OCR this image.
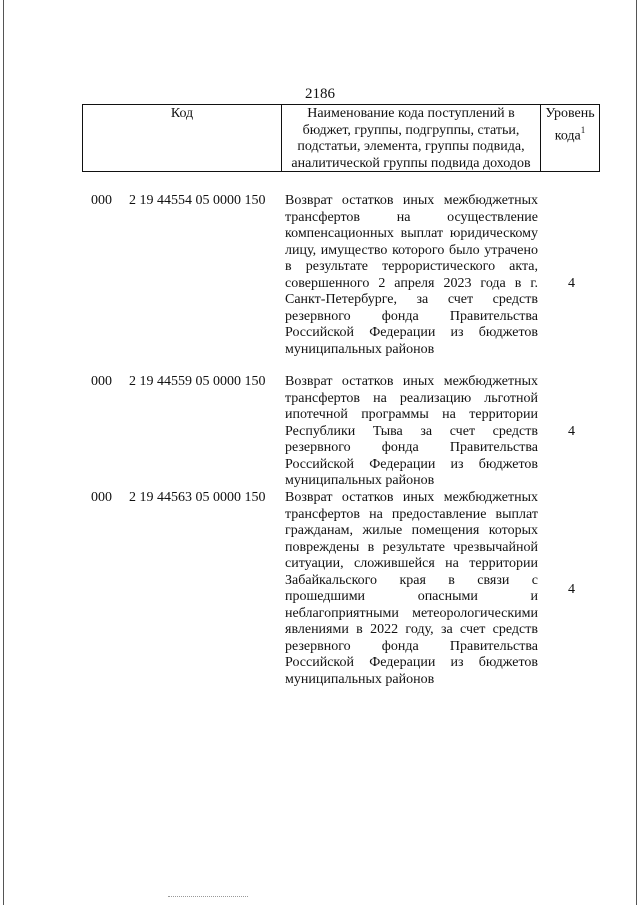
2186
Код	Наименование кода поступлений в бюджет, группы, подгруппы, статьи, подстатьи, элемента, группы подвида, аналитической группы подвида доходов
Уровень кода$^1$
000 2 19 44554 05 0000 150 Возврат остатков иных межбюджетных трансфертов на осуществление компенсационных выплат юридическому лицу, имущество которого было утрачено в результате террористического акта, совершенного 2 апреля 2023 года в г. Санкт-Петербурге, за счет средств резервного фонда Правительства Российской Федерации из бюджетов муниципальных районов
4
000 2 19 44559 05 0000 150 Возврат остатков иных межбюджетных трансфертов на реализацию льготной ипотечной программы на территории Республики Тыва за счет средств резервного фонда Правительства Российской Федерации из бюджетов муниципальных районов
4
000 2 19 44563 05 0000 150 Возврат остатков иных межбюджетных трансфертов на предоставление выплат гражданам, жилые помещения которых повреждены в результате чрезвычайной ситуации, сложившейся на территории Забайкальского края в связи с прошедшими опасными и неблагоприятными метеорологическими явлениями в 2022 году, за счет средств резервного фонда Правительства Российской Федерации из бюджетов муниципальных районов
4
